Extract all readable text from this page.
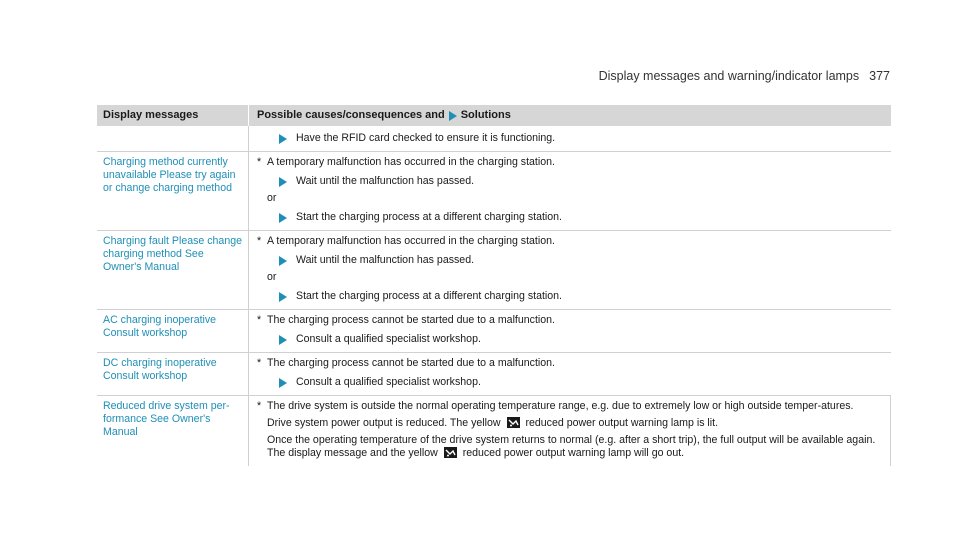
Display messages and warning/indicator lamps 377
Display messages	Possible causes/consequences and Solutions
Have the RFID card checked to ensure it is functioning.
Charging method currently unavailable Please try again or change charging method
* A temporary malfunction has occurred in the charging station.
Wait until the malfunction has passed.
or
Start the charging process at a different charging station.
Charging fault Please change charging method See Owner's Manual
* A temporary malfunction has occurred in the charging station.
Wait until the malfunction has passed.
or
Start the charging process at a different charging station.
AC charging inoperative Consult workshop
* The charging process cannot be started due to a malfunction.
Consult a qualified specialist workshop.
DC charging inoperative Consult workshop
* The charging process cannot be started due to a malfunction.
Consult a qualified specialist workshop.
Reduced drive system per-formance See Owner's Manual
* The drive system is outside the normal operating temperature range, e.g. due to extremely low or high outside temper-atures.
Drive system power output is reduced. The yellow reduced power output warning lamp is lit.
Once the operating temperature of the drive system returns to normal (e.g. after a short trip), the full output will be available again. The display message and the yellow reduced power output warning lamp will go out.
